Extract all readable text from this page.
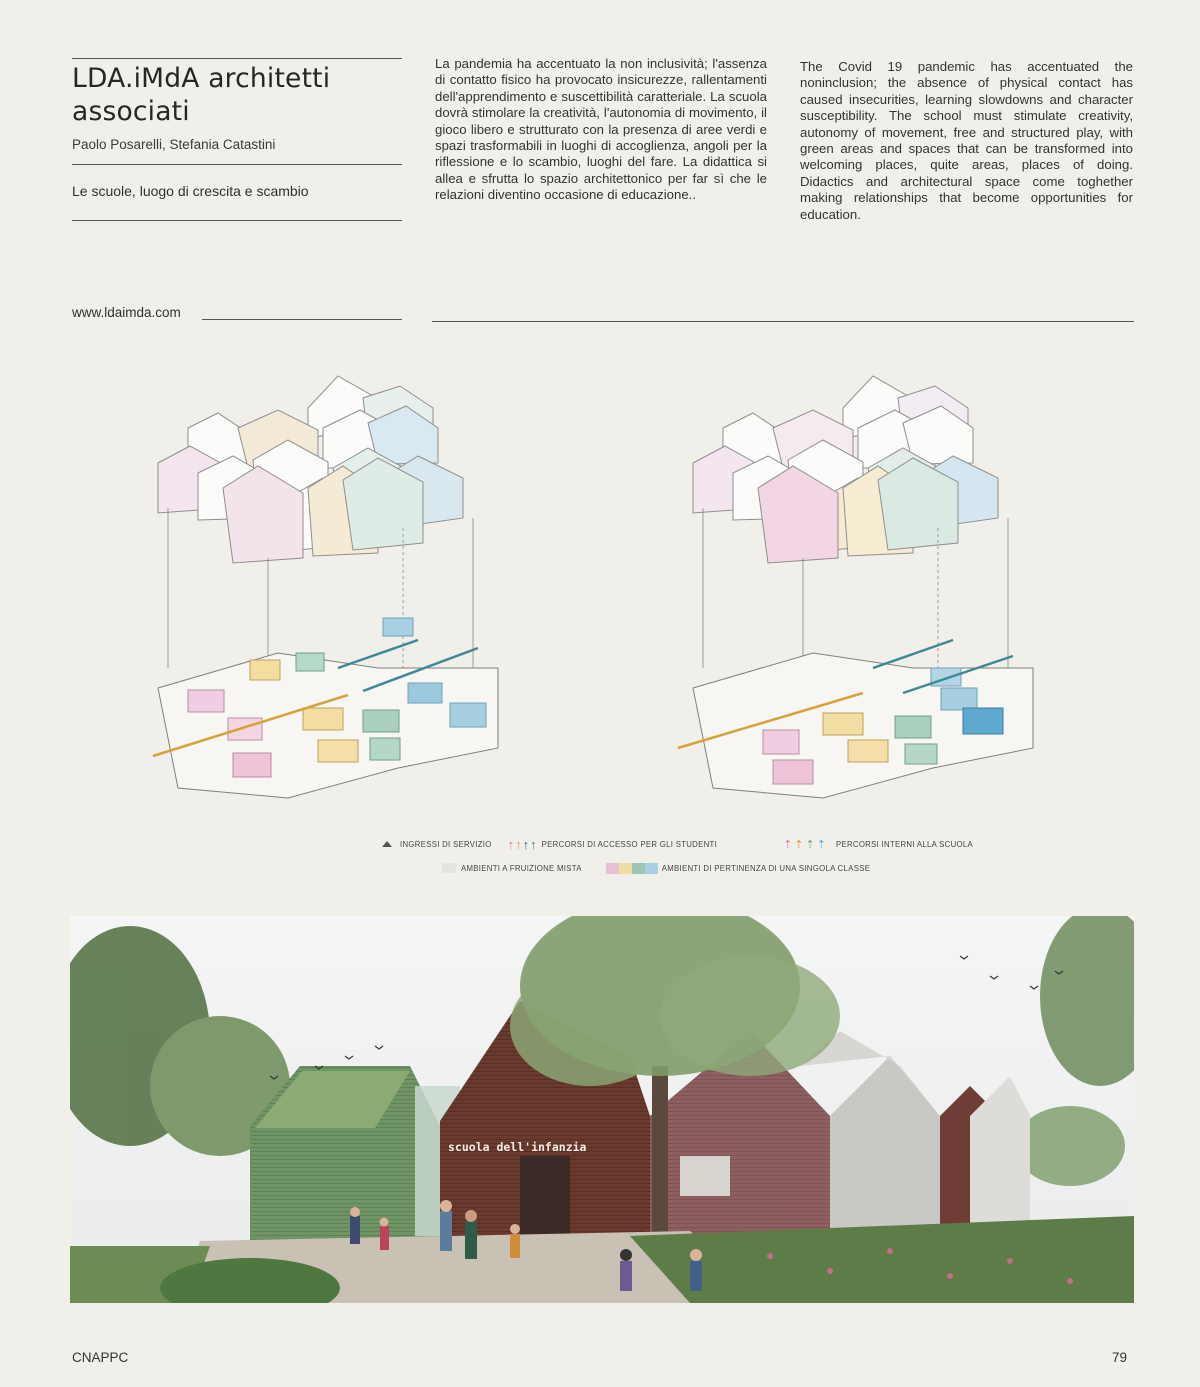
LDA.iMdA architetti associati
Paolo Posarelli, Stefania Catastini
Le scuole, luogo di crescita e scambio
La pandemia ha accentuato la non inclusività; l'assenza di contatto fisico ha provocato insicurezze, rallentamenti dell'apprendimento e suscettibilità caratteriale. La scuola dovrà stimolare la creatività, l'autonomia di movimento, il gioco libero e strutturato con la presenza di aree verdi e spazi trasformabili in luoghi di accoglienza, angoli per la riflessione e lo scambio, luoghi del fare. La didattica si allea e sfrutta lo spazio architettonico per far sì che le relazioni diventino occasione di educazione..
The Covid 19 pandemic has accentuated the noninclusion; the absence of physical contact has caused insecurities, learning slowdowns and character susceptibility. The school must stimulate creativity, autonomy of movement, free and structured play, with green areas and spaces that can be transformed into welcoming places, quite areas, places of doing. Didactics and architectural space come toghether making relationships that become opportunities for education.
www.ldaimda.com
INGRESSI DI SERVIZIO ↑↑↑↑ PERCORSI DI ACCESSO PER GLI STUDENTI	⇡⇡⇡⇡ PERCORSI INTERNI ALLA SCUOLA
AMBIENTI A FRUIZIONE MISTA	AMBIENTI DI PERTINENZA DI UNA SINGOLA CLASSE
scuola dell'infanzia
CNAPPC	79
